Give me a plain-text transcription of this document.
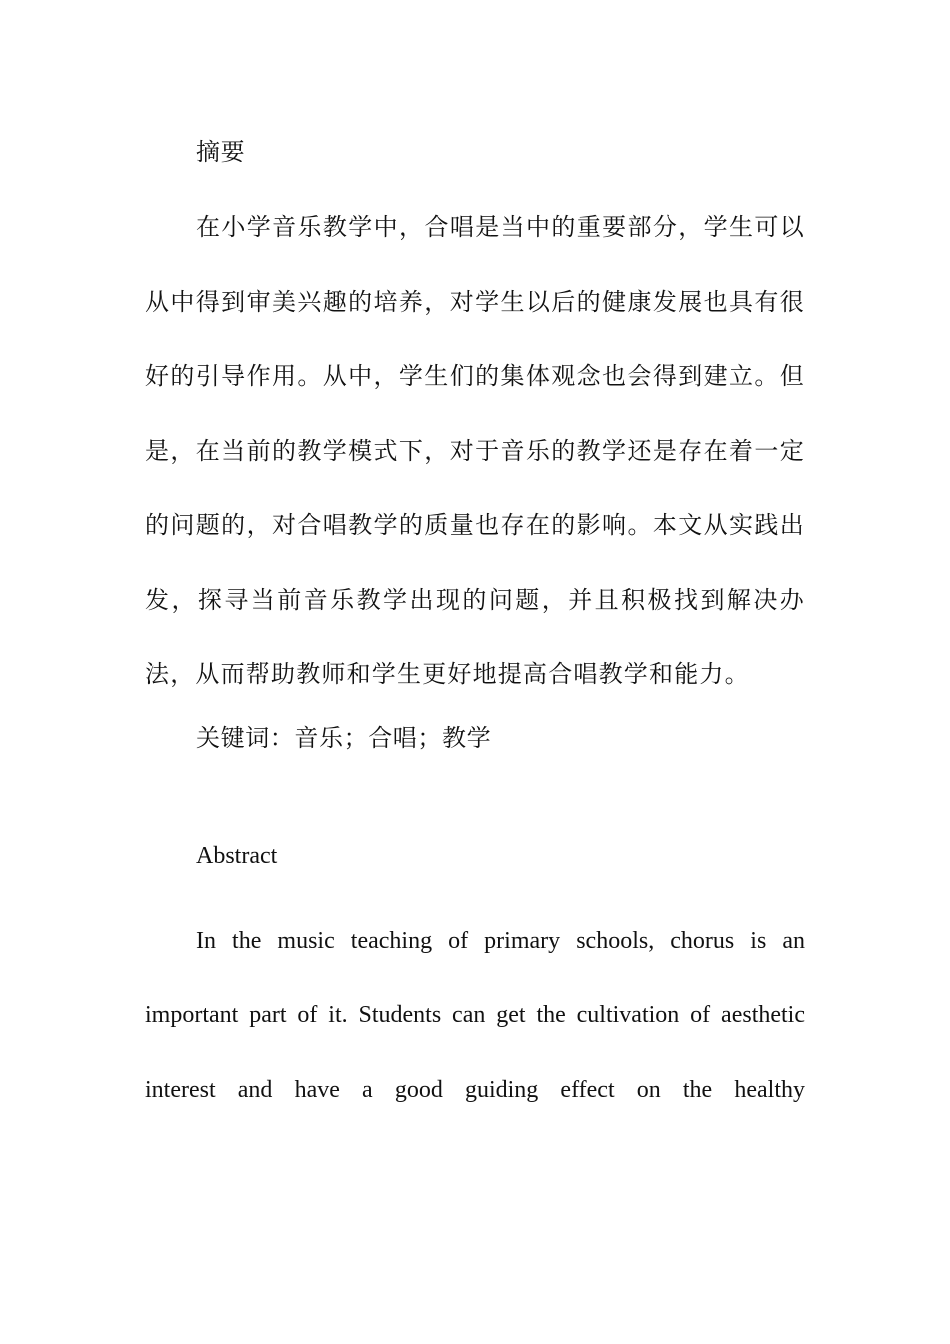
摘要

在小学音乐教学中，合唱是当中的重要部分，学生可以从中得到审美兴趣的培养，对学生以后的健康发展也具有很好的引导作用。从中，学生们的集体观念也会得到建立。但是，在当前的教学模式下，对于音乐的教学还是存在着一定的问题的，对合唱教学的质量也存在的影响。本文从实践出发，探寻当前音乐教学出现的问题，并且积极找到解决办法，从而帮助教师和学生更好地提高合唱教学和能力。

关键词：音乐；合唱；教学

Abstract

In the music teaching of primary schools, chorus is an important part of it. Students can get the cultivation of aesthetic interest and have a good guiding effect on the healthy
